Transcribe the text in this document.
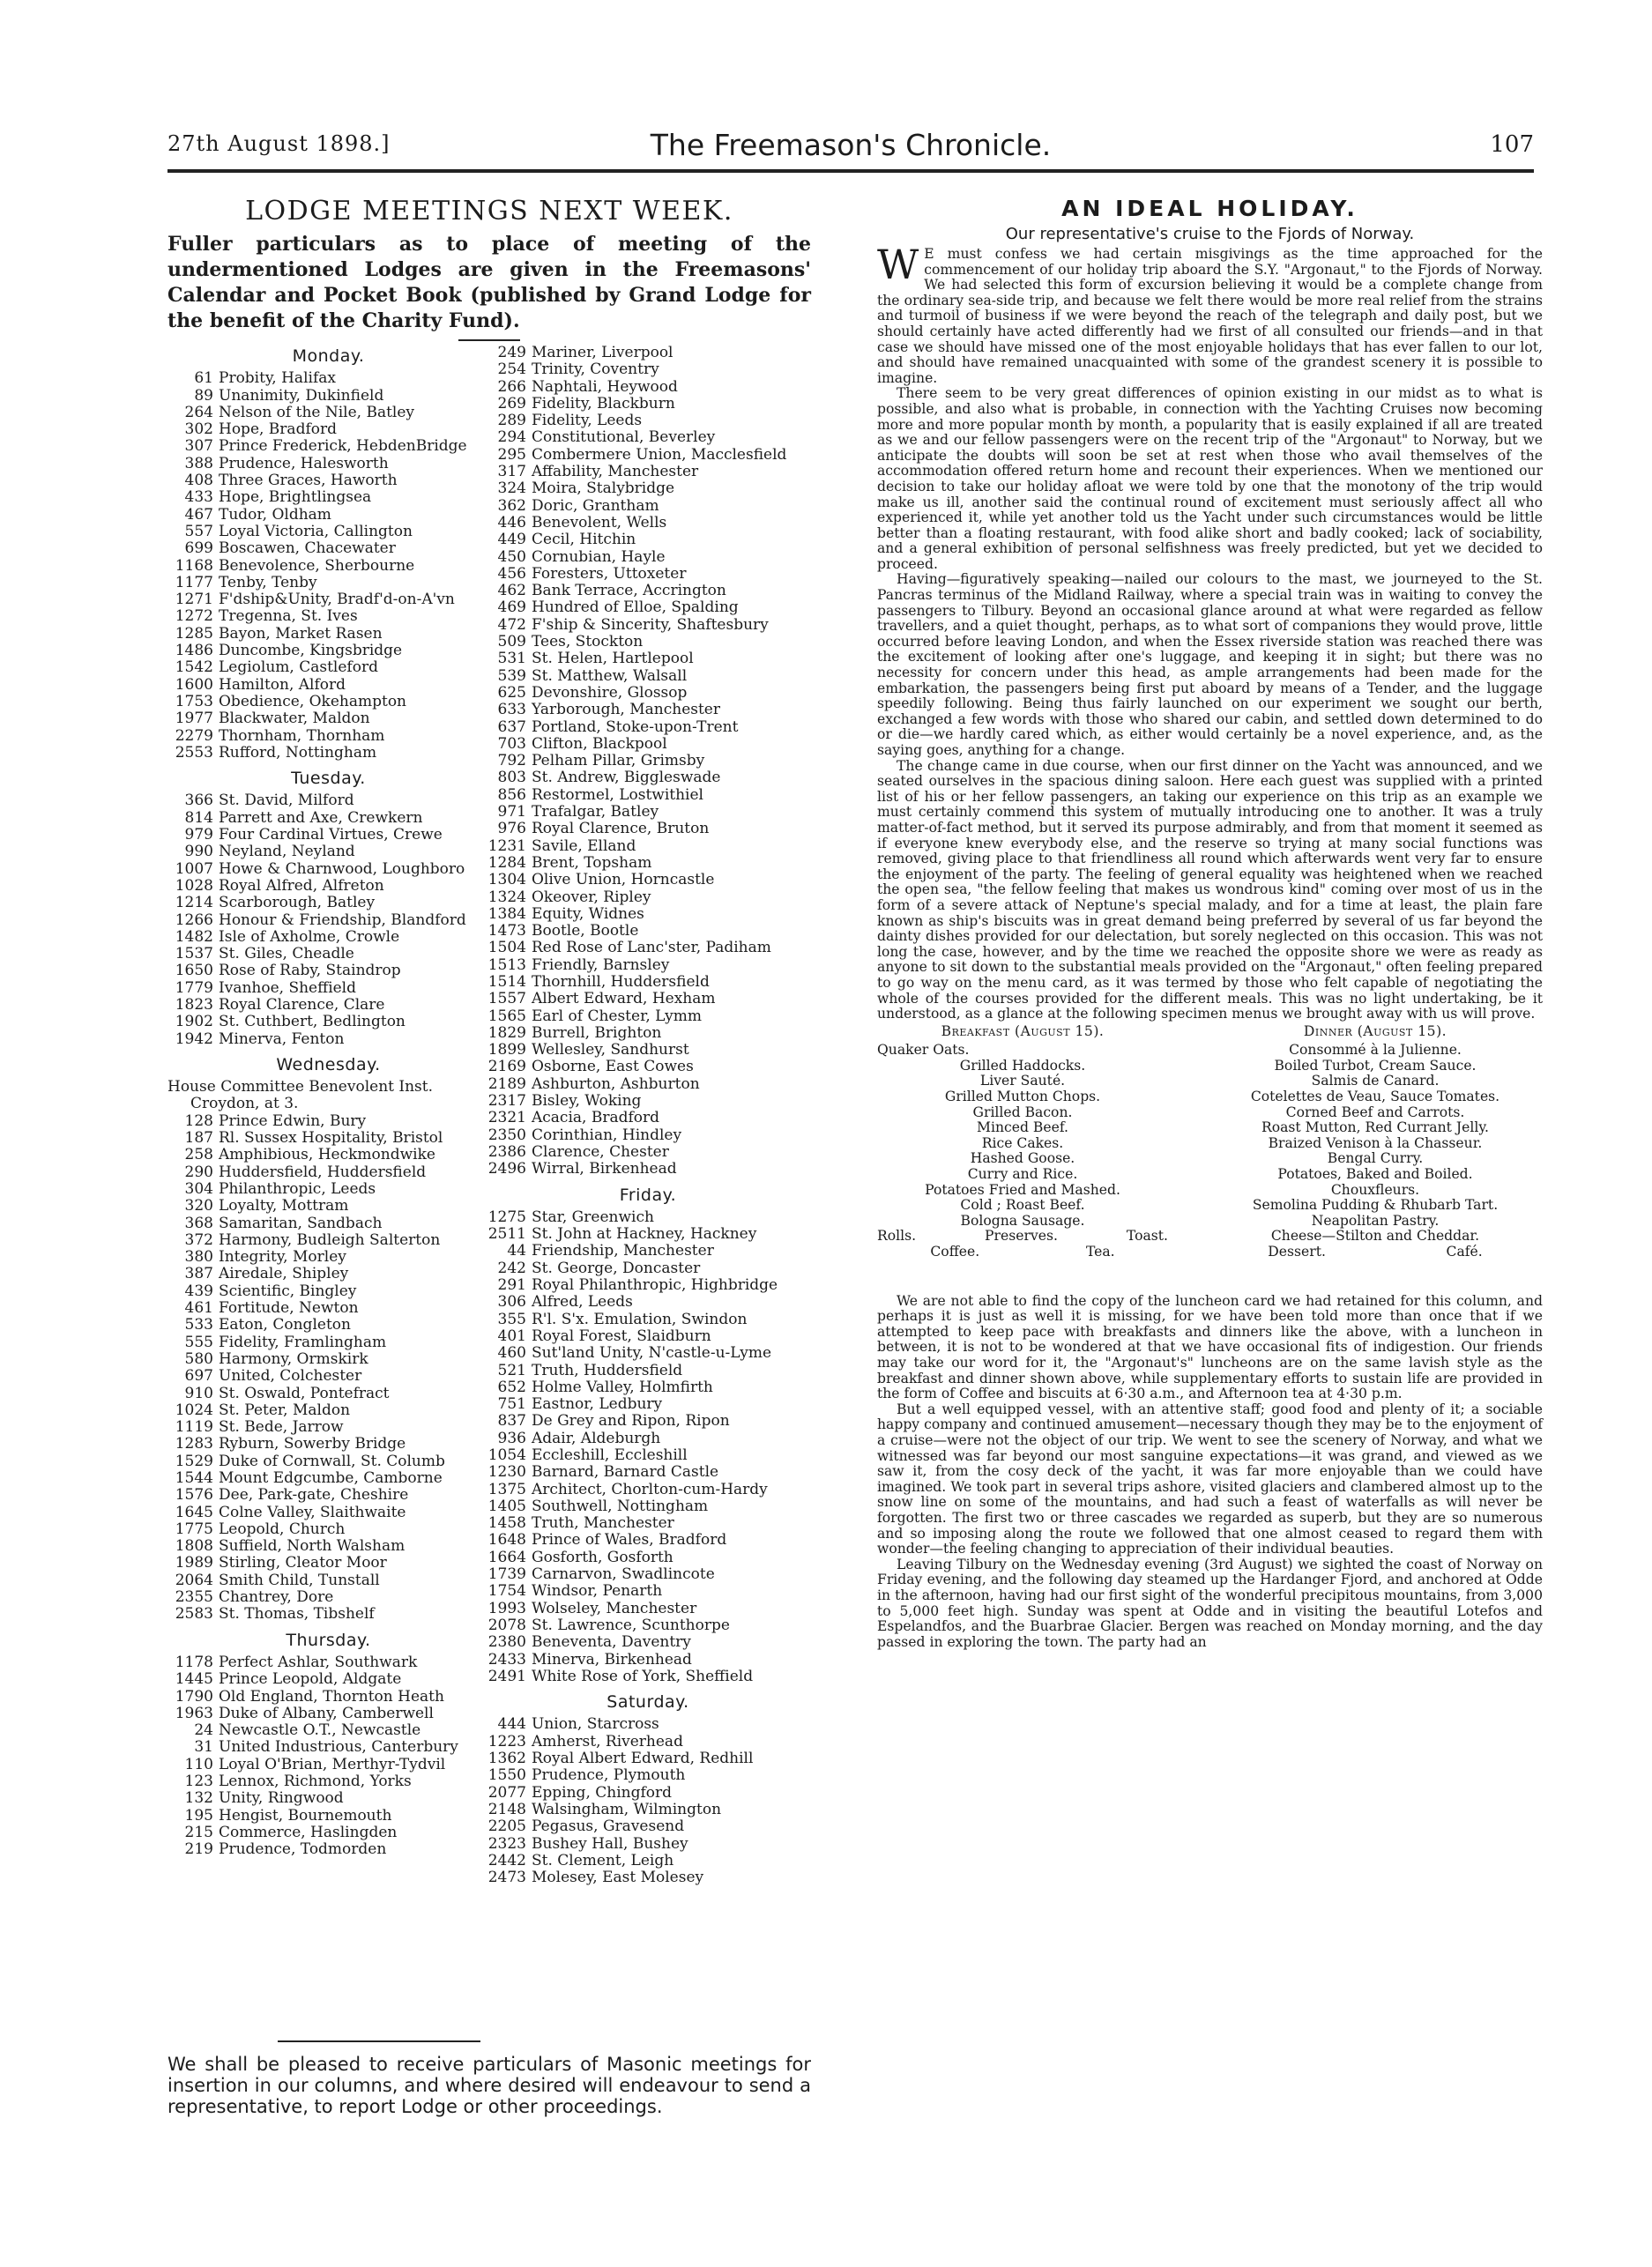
27th August 1898.]	The Freemason's Chronicle.	107
LODGE MEETINGS NEXT WEEK.

Fuller particulars as to place of meeting of the undermentioned Lodges are given in the Freemasons' Calendar and Pocket Book (published by Grand Lodge for the benefit of the Charity Fund).

Monday.
61 Probity, Halifax
89 Unanimity, Dukinfield
264 Nelson of the Nile, Batley
302 Hope, Bradford
307 Prince Frederick, HebdenBridge
388 Prudence, Halesworth
408 Three Graces, Haworth
433 Hope, Brightlingsea
467 Tudor, Oldham
557 Loyal Victoria, Callington
699 Boscawen, Chacewater
1168 Benevolence, Sherbourne
1177 Tenby, Tenby
1271 F'dship&Unity, Bradf'd-on-A'vn
1272 Tregenna, St. Ives
1285 Bayon, Market Rasen
1486 Duncombe, Kingsbridge
1542 Legiolum, Castleford
1600 Hamilton, Alford
1753 Obedience, Okehampton
1977 Blackwater, Maldon
2279 Thornham, Thornham
2553 Rufford, Nottingham
Tuesday.
366 St. David, Milford
814 Parrett and Axe, Crewkern
979 Four Cardinal Virtues, Crewe
990 Neyland, Neyland
1007 Howe & Charnwood, Loughboro
1028 Royal Alfred, Alfreton
1214 Scarborough, Batley
1266 Honour & Friendship, Blandford
1482 Isle of Axholme, Crowle
1537 St. Giles, Cheadle
1650 Rose of Raby, Staindrop
1779 Ivanhoe, Sheffield
1823 Royal Clarence, Clare
1902 St. Cuthbert, Bedlington
1942 Minerva, Fenton
Wednesday.
House Committee Benevolent Inst.
Croydon, at 3.
128 Prince Edwin, Bury
187 Rl. Sussex Hospitality, Bristol
258 Amphibious, Heckmondwike
290 Huddersfield, Huddersfield
304 Philanthropic, Leeds
320 Loyalty, Mottram
368 Samaritan, Sandbach
372 Harmony, Budleigh Salterton
380 Integrity, Morley
387 Airedale, Shipley
439 Scientific, Bingley
461 Fortitude, Newton
533 Eaton, Congleton
555 Fidelity, Framlingham
580 Harmony, Ormskirk
697 United, Colchester
910 St. Oswald, Pontefract
1024 St. Peter, Maldon
1119 St. Bede, Jarrow
1283 Ryburn, Sowerby Bridge
1529 Duke of Cornwall, St. Columb
1544 Mount Edgcumbe, Camborne
1576 Dee, Park-gate, Cheshire
1645 Colne Valley, Slaithwaite
1775 Leopold, Church
1808 Suffield, North Walsham
1989 Stirling, Cleator Moor
2064 Smith Child, Tunstall
2355 Chantrey, Dore
2583 St. Thomas, Tibshelf
Thursday.
1178 Perfect Ashlar, Southwark
1445 Prince Leopold, Aldgate
1790 Old England, Thornton Heath
1963 Duke of Albany, Camberwell
24 Newcastle O.T., Newcastle
31 United Industrious, Canterbury
110 Loyal O'Brian, Merthyr-Tydvil
123 Lennox, Richmond, Yorks
132 Unity, Ringwood
195 Hengist, Bournemouth
215 Commerce, Haslingden
219 Prudence, Todmorden
249 Mariner, Liverpool
254 Trinity, Coventry
266 Naphtali, Heywood
269 Fidelity, Blackburn
289 Fidelity, Leeds
294 Constitutional, Beverley
295 Combermere Union, Macclesfield
317 Affability, Manchester
324 Moira, Stalybridge
362 Doric, Grantham
446 Benevolent, Wells
449 Cecil, Hitchin
450 Cornubian, Hayle
456 Foresters, Uttoxeter
462 Bank Terrace, Accrington
469 Hundred of Elloe, Spalding
472 F'ship & Sincerity, Shaftesbury
509 Tees, Stockton
531 St. Helen, Hartlepool
539 St. Matthew, Walsall
625 Devonshire, Glossop
633 Yarborough, Manchester
637 Portland, Stoke-upon-Trent
703 Clifton, Blackpool
792 Pelham Pillar, Grimsby
803 St. Andrew, Biggleswade
856 Restormel, Lostwithiel
971 Trafalgar, Batley
976 Royal Clarence, Bruton
1231 Savile, Elland
1284 Brent, Topsham
1304 Olive Union, Horncastle
1324 Okeover, Ripley
1384 Equity, Widnes
1473 Bootle, Bootle
1504 Red Rose of Lanc'ster, Padiham
1513 Friendly, Barnsley
1514 Thornhill, Huddersfield
1557 Albert Edward, Hexham
1565 Earl of Chester, Lymm
1829 Burrell, Brighton
1899 Wellesley, Sandhurst
2169 Osborne, East Cowes
2189 Ashburton, Ashburton
2317 Bisley, Woking
2321 Acacia, Bradford
2350 Corinthian, Hindley
2386 Clarence, Chester
2496 Wirral, Birkenhead
Friday.
1275 Star, Greenwich
2511 St. John at Hackney, Hackney
44 Friendship, Manchester
242 St. George, Doncaster
291 Royal Philanthropic, Highbridge
306 Alfred, Leeds
355 R'l. S'x. Emulation, Swindon
401 Royal Forest, Slaidburn
460 Sut'land Unity, N'castle-u-Lyme
521 Truth, Huddersfield
652 Holme Valley, Holmfirth
751 Eastnor, Ledbury
837 De Grey and Ripon, Ripon
936 Adair, Aldeburgh
1054 Eccleshill, Eccleshill
1230 Barnard, Barnard Castle
1375 Architect, Chorlton-cum-Hardy
1405 Southwell, Nottingham
1458 Truth, Manchester
1648 Prince of Wales, Bradford
1664 Gosforth, Gosforth
1739 Carnarvon, Swadlincote
1754 Windsor, Penarth
1993 Wolseley, Manchester
2078 St. Lawrence, Scunthorpe
2380 Beneventa, Daventry
2433 Minerva, Birkenhead
2491 White Rose of York, Sheffield
Saturday.
444 Union, Starcross
1223 Amherst, Riverhead
1362 Royal Albert Edward, Redhill
1550 Prudence, Plymouth
2077 Epping, Chingford
2148 Walsingham, Wilmington
2205 Pegasus, Gravesend
2323 Bushey Hall, Bushey
2442 St. Clement, Leigh
2473 Molesey, East Molesey
We shall be pleased to receive particulars of Masonic meetings for insertion in our columns, and where desired will endeavour to send a representative, to report Lodge or other proceedings.
AN IDEAL HOLIDAY.
Our representative's cruise to the Fjords of Norway.

W E must confess we had certain misgivings as the time approached for the commencement of our holiday trip aboard the S.Y. "Argonaut," to the Fjords of Norway. We had selected this form of excursion believing it would be a complete change from the ordinary sea-side trip, and because we felt there would be more real relief from the strains and turmoil of business if we were beyond the reach of the telegraph and daily post, but we should certainly have acted differently had we first of all consulted our friends—and in that case we should have missed one of the most enjoyable holidays that has ever fallen to our lot, and should have remained unacquainted with some of the grandest scenery it is possible to imagine.

There seem to be very great differences of opinion existing in our midst as to what is possible, and also what is probable, in connection with the Yachting Cruises now becoming more and more popular month by month, a popularity that is easily explained if all are treated as we and our fellow passengers were on the recent trip of the "Argonaut" to Norway, but we anticipate the doubts will soon be set at rest when those who avail themselves of the accommodation offered return home and recount their experiences. When we mentioned our decision to take our holiday afloat we were told by one that the monotony of the trip would make us ill, another said the continual round of excitement must seriously affect all who experienced it, while yet another told us the Yacht under such circumstances would be little better than a floating restaurant, with food alike short and badly cooked; lack of sociability, and a general exhibition of personal selfishness was freely predicted, but yet we decided to proceed.

Having—figuratively speaking—nailed our colours to the mast, we journeyed to the St. Pancras terminus of the Midland Railway, where a special train was in waiting to convey the passengers to Tilbury. Beyond an occasional glance around at what were regarded as fellow travellers, and a quiet thought, perhaps, as to what sort of companions they would prove, little occurred before leaving London, and when the Essex riverside station was reached there was the excitement of looking after one's luggage, and keeping it in sight; but there was no necessity for concern under this head, as ample arrangements had been made for the embarkation, the passengers being first put aboard by means of a Tender, and the luggage speedily following. Being thus fairly launched on our experiment we sought our berth, exchanged a few words with those who shared our cabin, and settled down determined to do or die—we hardly cared which, as either would certainly be a novel experience, and, as the saying goes, anything for a change.

The change came in due course, when our first dinner on the Yacht was announced, and we seated ourselves in the spacious dining saloon. Here each guest was supplied with a printed list of his or her fellow passengers, an taking our experience on this trip as an example we must certainly commend this system of mutually introducing one to another. It was a truly matter-of-fact method, but it served its purpose admirably, and from that moment it seemed as if everyone knew everybody else, and the reserve so trying at many social functions was removed, giving place to that friendliness all round which afterwards went very far to ensure the enjoyment of the party. The feeling of general equality was heightened when we reached the open sea, "the fellow feeling that makes us wondrous kind" coming over most of us in the form of a severe attack of Neptune's special malady, and for a time at least, the plain fare known as ship's biscuits was in great demand being preferred by several of us far beyond the dainty dishes provided for our delectation, but sorely neglected on this occasion. This was not long the case, however, and by the time we reached the opposite shore we were as ready as anyone to sit down to the substantial meals provided on the "Argonaut," often feeling prepared to go way on the menu card, as it was termed by those who felt capable of negotiating the whole of the courses provided for the different meals. This was no light undertaking, be it understood, as a glance at the following specimen menus we brought away with us will prove.

Breakfast (August 15).
Quaker Oats.
Grilled Haddocks.
Liver Sauté.
Grilled Mutton Chops.
Grilled Bacon.
Minced Beef.
Rice Cakes.
Hashed Goose.
Curry and Rice.
Potatoes Fried and Mashed.
Cold ; Roast Beef.
Bologna Sausage.
Rolls.	Preserves.	Toast.
Coffee.	Tea.
Dinner (August 15).
Consommé à la Julienne.
Boiled Turbot, Cream Sauce.
Salmis de Canard.
Cotelettes de Veau, Sauce Tomates.
Corned Beef and Carrots.
Roast Mutton, Red Currant Jelly.
Braized Venison à la Chasseur.
Bengal Curry.
Potatoes, Baked and Boiled.
Chouxfleurs.
Semolina Pudding & Rhubarb Tart.
Neapolitan Pastry.
Cheese—Stilton and Cheddar.
Dessert.	Café.

We are not able to find the copy of the luncheon card we had retained for this column, and perhaps it is just as well it is missing, for we have been told more than once that if we attempted to keep pace with breakfasts and dinners like the above, with a luncheon in between, it is not to be wondered at that we have occasional fits of indigestion. Our friends may take our word for it, the "Argonaut's" luncheons are on the same lavish style as the breakfast and dinner shown above, while supplementary efforts to sustain life are provided in the form of Coffee and biscuits at 6·30 a.m., and Afternoon tea at 4·30 p.m.

But a well equipped vessel, with an attentive staff; good food and plenty of it; a sociable happy company and continued amusement—necessary though they may be to the enjoyment of a cruise—were not the object of our trip. We went to see the scenery of Norway, and what we witnessed was far beyond our most sanguine expectations—it was grand, and viewed as we saw it, from the cosy deck of the yacht, it was far more enjoyable than we could have imagined. We took part in several trips ashore, visited glaciers and clambered almost up to the snow line on some of the mountains, and had such a feast of waterfalls as will never be forgotten. The first two or three cascades we regarded as superb, but they are so numerous and so imposing along the route we followed that one almost ceased to regard them with wonder—the feeling changing to appreciation of their individual beauties.

Leaving Tilbury on the Wednesday evening (3rd August) we sighted the coast of Norway on Friday evening, and the following day steamed up the Hardanger Fjord, and anchored at Odde in the afternoon, having had our first sight of the wonderful precipitous mountains, from 3,000 to 5,000 feet high. Sunday was spent at Odde and in visiting the beautiful Lotefos and Espelandfos, and the Buarbrae Glacier. Bergen was reached on Monday morning, and the day passed in exploring the town. The party had an
